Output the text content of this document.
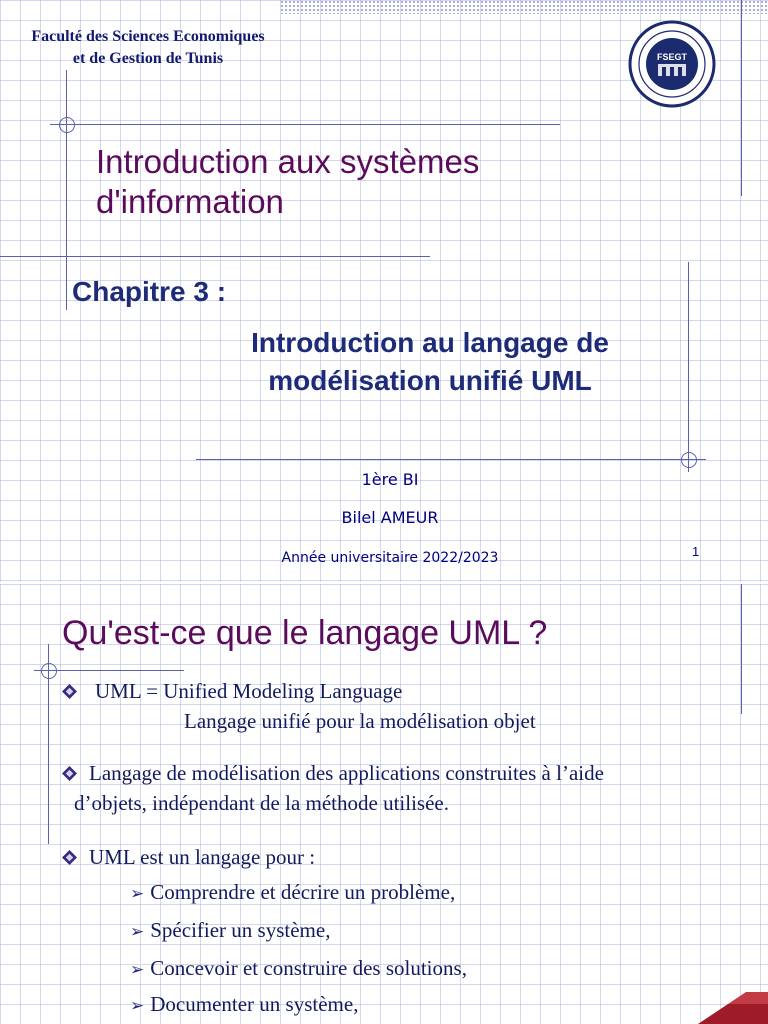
Faculté des Sciences Economiques
et de Gestion de Tunis	FSEGT
Introduction aux systèmes
d'information
Chapitre 3 :
Introduction au langage de
modélisation unifié UML
1ère BI
Bilel AMEUR
Année universitaire 2022/2023	1
Qu'est-ce que le langage UML ?
UML = Unified Modeling Language
Langage unifié pour la modélisation objet
Langage de modélisation des applications construites à l’aide
d’objets, indépendant de la méthode utilisée.
UML est un langage pour :
➢ Comprendre et décrire un problème,
➢ Spécifier un système,
➢ Concevoir et construire des solutions,
➢ Documenter un système,
